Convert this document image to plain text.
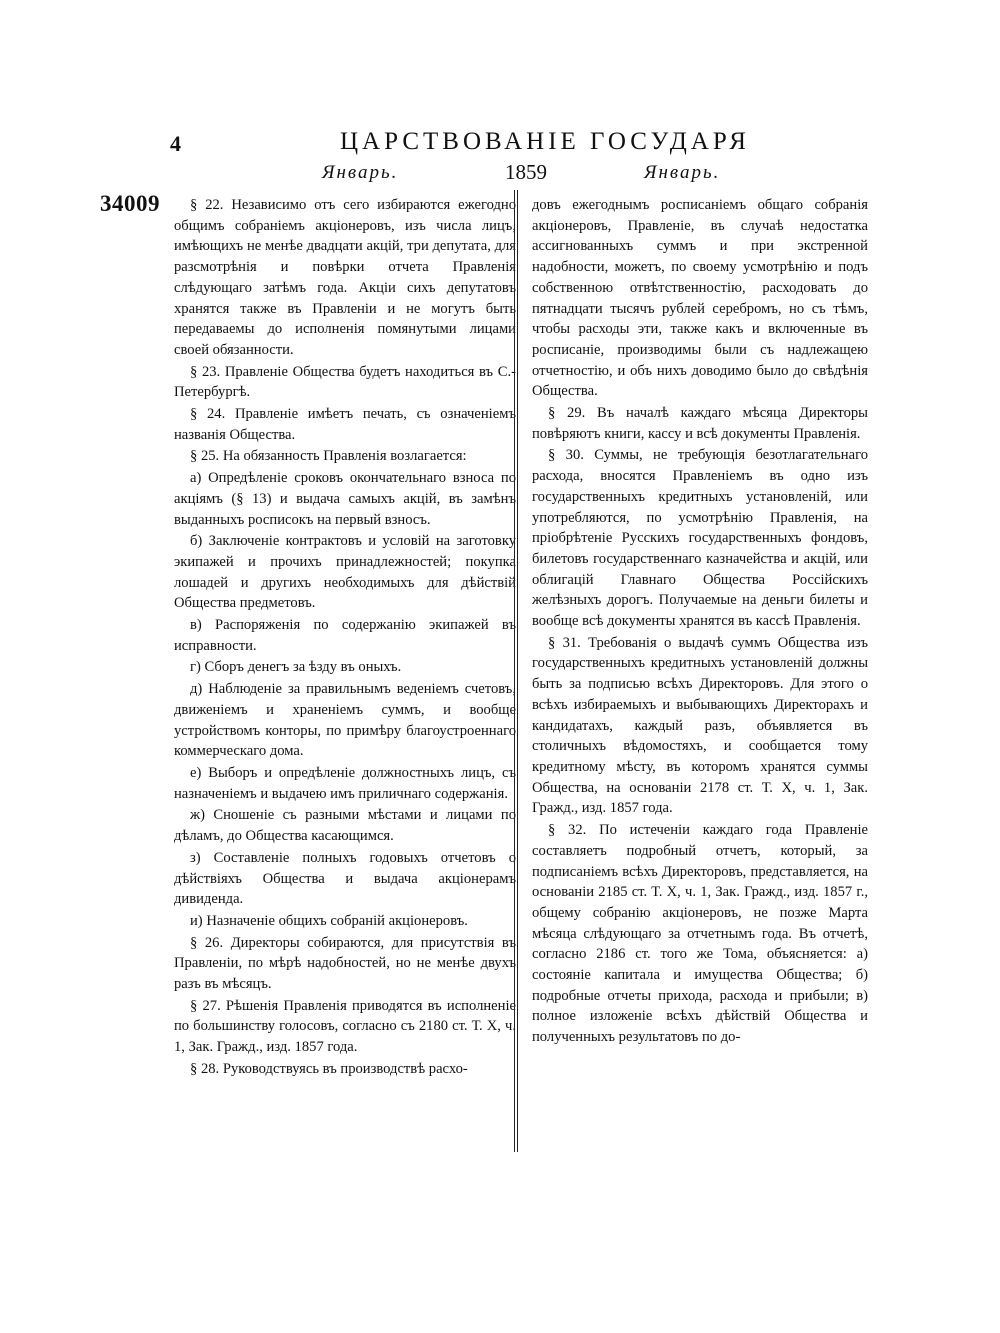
4	ЦАРСТВОВАНІЕ ГОСУДАРЯ
Январь.	1859	Январь.
34009	§ 22. Независимо отъ сего избираются ежегодно общимъ собраніемъ акціонеровъ, изъ числа лицъ, имѣющихъ не менѣе двадцати акцій, три депутата, для разсмотрѣнія и повѣрки отчета Правленія слѣдующаго затѣмъ года. Акціи сихъ депутатовъ хранятся также въ Правленіи и не могутъ быть передаваемы до исполненія помянутыми лицами своей обязанности.

§ 23. Правленіе Общества будетъ находиться въ С.-Петербургѣ.

§ 24. Правленіе имѣетъ печать, съ означеніемъ названія Общества.

§ 25. На обязанность Правленія возлагается:

а) Опредѣленіе сроковъ окончательнаго взноса по акціямъ (§ 13) и выдача самыхъ акцій, въ замѣнъ выданныхъ росписокъ на первый взносъ.

б) Заключеніе контрактовъ и условій на заготовку экипажей и прочихъ принадлежностей; покупка лошадей и другихъ необходимыхъ для дѣйствій Общества предметовъ.

в) Распоряженія по содержанію экипажей въ исправности.

г) Сборъ денегъ за ѣзду въ оныхъ.

д) Наблюденіе за правильнымъ веденіемъ счетовъ, движеніемъ и храненіемъ суммъ, и вообще устройствомъ конторы, по примѣру благоустроеннаго коммерческаго дома.

е) Выборъ и опредѣленіе должностныхъ лицъ, съ назначеніемъ и выдачею имъ приличнаго содержанія.

ж) Сношеніе съ разными мѣстами и лицами по дѣламъ, до Общества касающимся.

з) Составленіе полныхъ годовыхъ отчетовъ о дѣйствіяхъ Общества и выдача акціонерамъ дивиденда.

и) Назначеніе общихъ собраній акціонеровъ.

§ 26. Директоры собираются, для присутствія въ Правленіи, по мѣрѣ надобностей, но не менѣе двухъ разъ въ мѣсяцъ.

§ 27. Рѣшенія Правленія приводятся въ исполненіе по большинству голосовъ, согласно съ 2180 ст. Т. X, ч. 1, Зак. Гражд., изд. 1857 года.

§ 28. Руководствуясь въ производствѣ расхо-

довъ ежегоднымъ росписаніемъ общаго собранія акціонеровъ, Правленіе, въ случаѣ недостатка ассигнованныхъ суммъ и при экстренной надобности, можетъ, по своему усмотрѣнію и подъ собственною отвѣтственностію, расходовать до пятнадцати тысячъ рублей серебромъ, но съ тѣмъ, чтобы расходы эти, также какъ и включенные въ росписаніе, производимы были съ надлежащею отчетностію, и объ нихъ доводимо было до свѣдѣнія Общества.

§ 29. Въ началѣ каждаго мѣсяца Директоры повѣряютъ книги, кассу и всѣ документы Правленія.

§ 30. Суммы, не требующія безотлагательнаго расхода, вносятся Правленіемъ въ одно изъ государственныхъ кредитныхъ установленій, или употребляются, по усмотрѣнію Правленія, на пріобрѣтеніе Русскихъ государственныхъ фондовъ, билетовъ государственнаго казначейства и акцій, или облигацій Главнаго Общества Россійскихъ желѣзныхъ дорогъ. Получаемые на деньги билеты и вообще всѣ документы хранятся въ кассѣ Правленія.

§ 31. Требованія о выдачѣ суммъ Общества изъ государственныхъ кредитныхъ установленій должны быть за подписью всѣхъ Директоровъ. Для этого о всѣхъ избираемыхъ и выбывающихъ Директорахъ и кандидатахъ, каждый разъ, объявляется въ столичныхъ вѣдомостяхъ, и сообщается тому кредитному мѣсту, въ которомъ хранятся суммы Общества, на основаніи 2178 ст. Т. X, ч. 1, Зак. Гражд., изд. 1857 года.

§ 32. По истеченіи каждаго года Правленіе составляетъ подробный отчетъ, который, за подписаніемъ всѣхъ Директоровъ, представляется, на основаніи 2185 ст. Т. X, ч. 1, Зак. Гражд., изд. 1857 г., общему собранію акціонеровъ, не позже Марта мѣсяца слѣдующаго за отчетнымъ года. Въ отчетѣ, согласно 2186 ст. того же Тома, объясняется: а) состояніе капитала и имущества Общества; б) подробные отчеты прихода, расхода и прибыли; в) полное изложеніе всѣхъ дѣйствій Общества и полученныхъ результатовъ по до-
